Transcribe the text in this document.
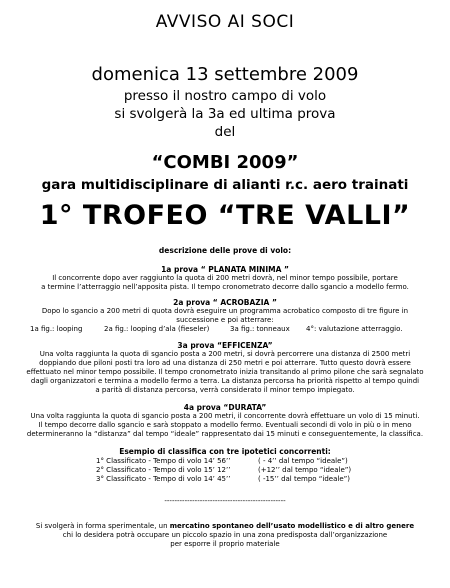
AVVISO AI SOCI
domenica 13 settembre 2009
presso il nostro campo di volo
si svolgerà la 3a ed ultima prova
del
“COMBI 2009”
gara multidisciplinare di alianti r.c. aero trainati
1° TROFEO “TRE VALLI”
descrizione delle prove di volo:
1a prova “ PLANATA MINIMA ”
Il concorrente dopo aver raggiunto la quota di 200 metri dovrà, nel minor tempo possibile, portare
a termine l’atterraggio nell’apposita pista. Il tempo cronometrato decorre dallo sgancio a modello fermo.
2a prova “ ACROBAZIA ”
Dopo lo sgancio a 200 metri di quota dovrà eseguire un programma acrobatico composto di tre figure in
successione e poi atterrare:
1a fig.: looping	2a fig.: looping d’ala (fieseler)	3a fig.: tonneaux 4°: valutazione atterraggio.
3a prova “EFFICENZA”
Una volta raggiunta la quota di sgancio posta a 200 metri, si dovrà percorrere una distanza di 2500 metri
doppiando due piloni posti tra loro ad una distanza di 250 metri e poi atterrare. Tutto questo dovrà essere
effettuato nel minor tempo possibile. Il tempo cronometrato inizia transitando al primo pilone che sarà segnalato
dagli organizzatori e termina a modello fermo a terra. La distanza percorsa ha priorità rispetto al tempo quindi
a parità di distanza percorsa, verrà considerato il minor tempo impiegato.
4a prova “DURATA”
Una volta raggiunta la quota di sgancio posta a 200 metri, il concorrente dovrà effettuare un volo di 15 minuti.
Il tempo decorre dallo sgancio e sarà stoppato a modello fermo. Eventuali secondi di volo in più o in meno
determineranno la “distanza” dal tempo “ideale” rappresentato dai 15 minuti e conseguentemente, la classifica.
Esempio di classifica con tre ipotetici concorrenti:
1° Classificato - Tempo di volo 14’ 56’’	( - 4’’ dal tempo “ideale”)
2° Classificato - Tempo di volo 15’ 12’’	(+12’’ dal tempo “ideale”)
3° Classificato - Tempo di volo 14’ 45’’	( -15’’ dal tempo “ideale”)
------------------------------------------------
Si svolgerà in forma sperimentale, un mercatino spontaneo dell’usato modellistico e di altro genere
chi lo desidera potrà occupare un piccolo spazio in una zona predisposta dall’organizzazione
per esporre il proprio materiale
